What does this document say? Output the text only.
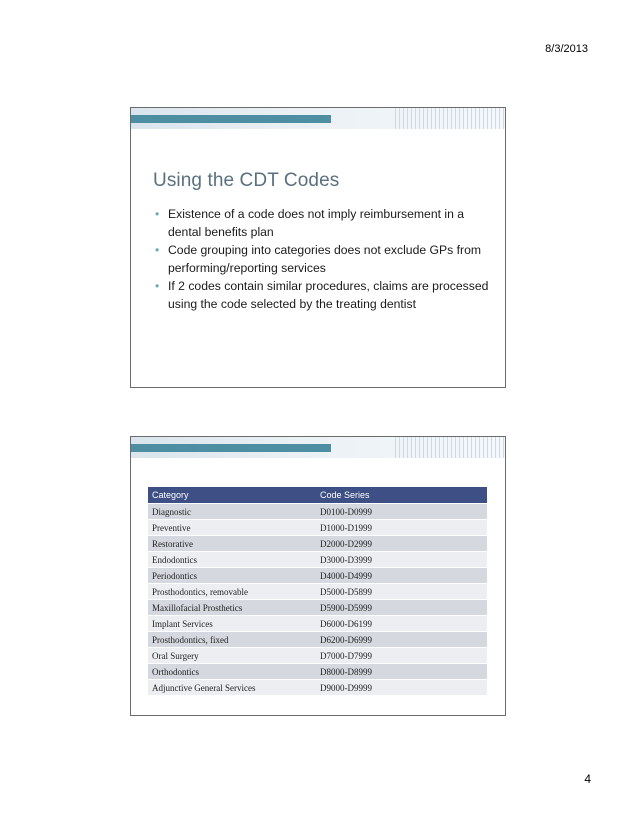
8/3/2013
Using the CDT Codes
• Existence of a code does not imply reimbursement in a dental benefits plan
• Code grouping into categories does not exclude GPs from performing/reporting services
• If 2 codes contain similar procedures, claims are processed using the code selected by the treating dentist
Category	Code Series
Diagnostic	D0100-D0999
Preventive	D1000-D1999
Restorative	D2000-D2999
Endodontics	D3000-D3999
Periodontics	D4000-D4999
Prosthodontics, removable	D5000-D5899
Maxillofacial Prosthetics	D5900-D5999
Implant Services	D6000-D6199
Prosthodontics, fixed	D6200-D6999
Oral Surgery	D7000-D7999
Orthodontics	D8000-D8999
Adjunctive General Services	D9000-D9999
4
